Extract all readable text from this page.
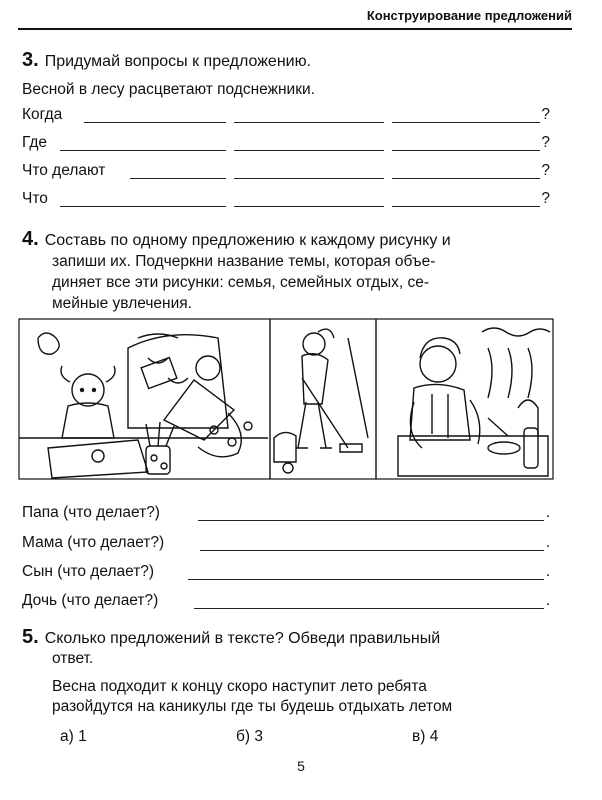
Конструирование предложений
3. Придумай вопросы к предложению.
Весной в лесу расцветают подснежники.
Когда	?
Где	?
Что делают	?
Что	?
4. Составь по одному предложению к каждому рисунку и
запиши их. Подчеркни название темы, которая объе-
диняет все эти рисунки: семья, семейных отдых, се-
мейные увлечения.
Папа (что делает?)	.
Мама (что делает?)	.
Сын (что делает?)	.
Дочь (что делает?)	.
5. Сколько предложений в тексте? Обведи правильный
ответ.
Весна подходит к концу скоро наступит лето ребята
разойдутся на каникулы где ты будешь отдыхать летом
а) 1	б) 3	в) 4
5
